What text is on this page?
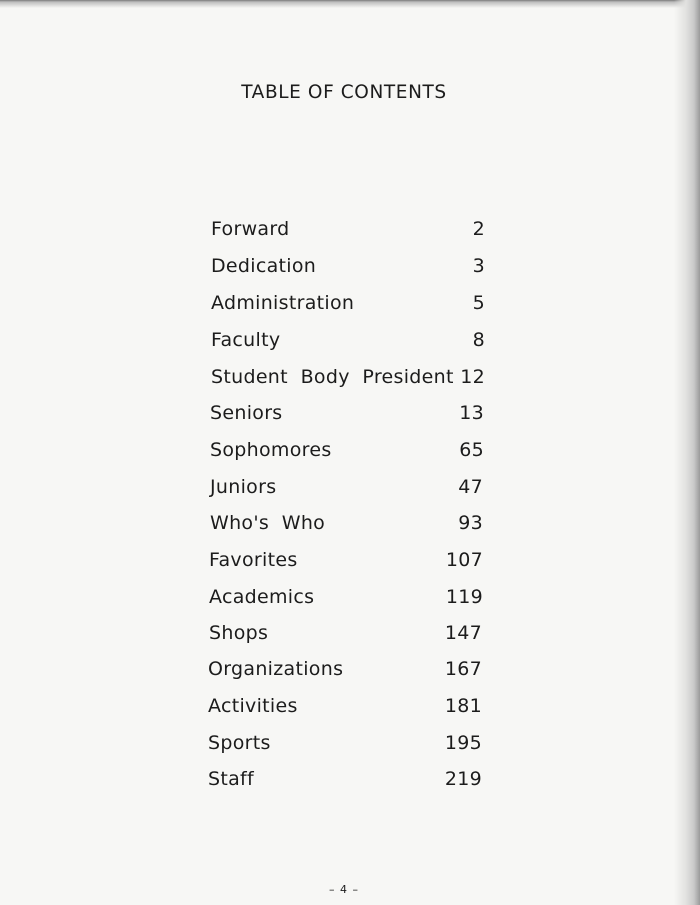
TABLE OF CONTENTS
Forward	2
Dedication	3
Administration	5
Faculty	8
Student  Body  President 12
Seniors	13
Sophomores	65
Juniors	47
Who's  Who	93
Favorites	107
Academics	119
Shops	147
Organizations	167
Activities	181
Sports	195
Staff	219
– 4 –
